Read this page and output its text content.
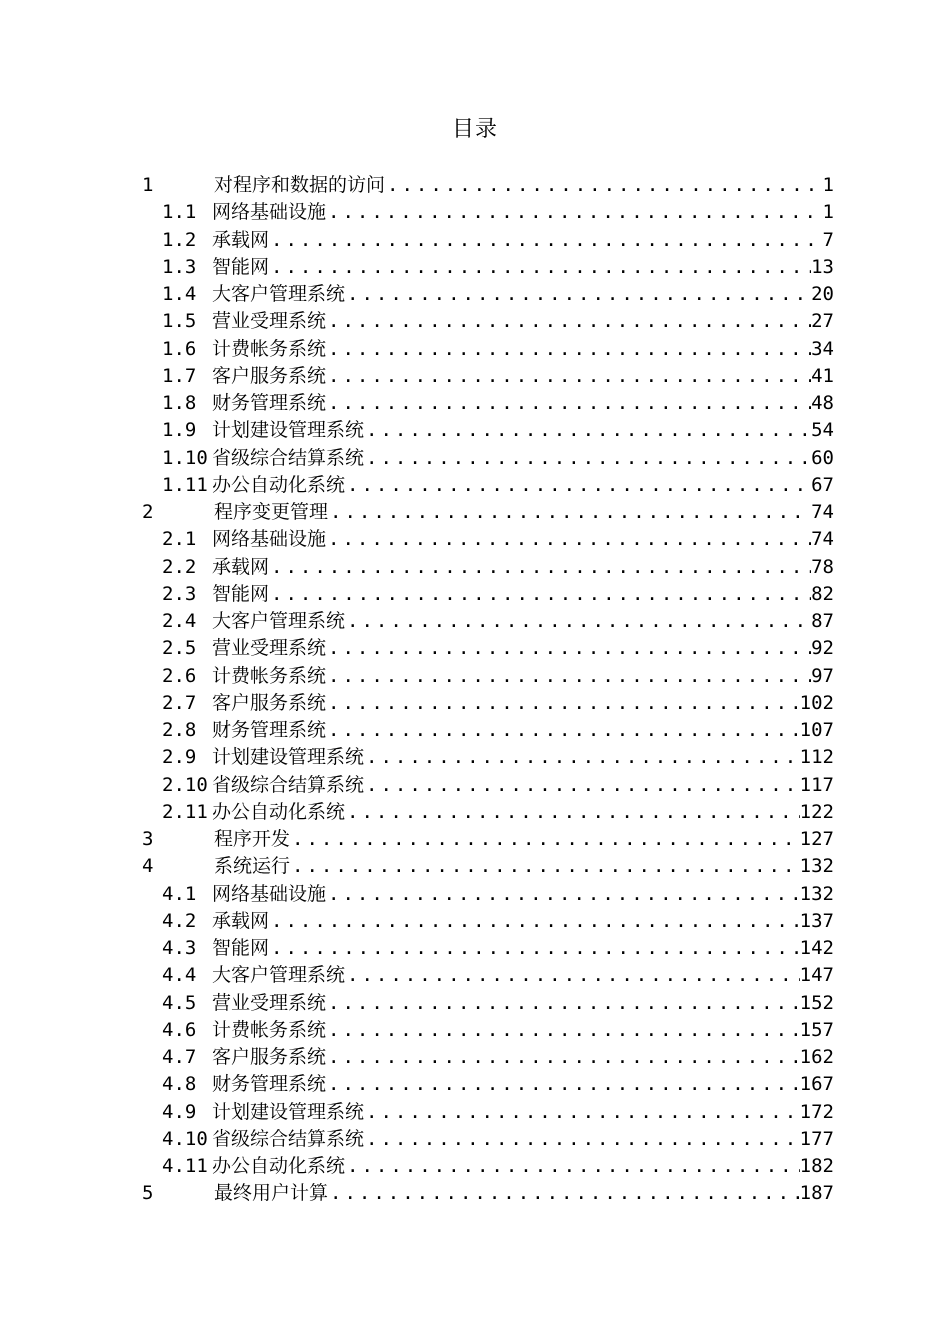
目录
1	对程序和数据的访问 .....	1
1.1 网络基础设施 .....	1
1.2 承载网 .....	7
1.3 智能网 .....	13
1.4 大客户管理系统 .....	20
1.5 营业受理系统 .....	27
1.6 计费帐务系统 .....	34
1.7 客户服务系统 .....	41
1.8 财务管理系统 .....	48
1.9 计划建设管理系统 .....	54
1.10 省级综合结算系统 .....	60
1.11 办公自动化系统 .....	67
2	程序变更管理 .....	74
2.1 网络基础设施 .....	74
2.2 承载网 .....	78
2.3 智能网 .....	82
2.4 大客户管理系统 .....	87
2.5 营业受理系统 .....	92
2.6 计费帐务系统 .....	97
2.7 客户服务系统 .....	102
2.8 财务管理系统 .....	107
2.9 计划建设管理系统 .....	112
2.10 省级综合结算系统 .....	117
2.11 办公自动化系统 .....	122
3	程序开发 .....	127
4	系统运行 .....	132
4.1 网络基础设施 .....	132
4.2 承载网 .....	137
4.3 智能网 .....	142
4.4 大客户管理系统 .....	147
4.5 营业受理系统 .....	152
4.6 计费帐务系统 .....	157
4.7 客户服务系统 .....	162
4.8 财务管理系统 .....	167
4.9 计划建设管理系统 .....	172
4.10 省级综合结算系统 .....	177
4.11 办公自动化系统 .....	182
5	最终用户计算 .....	187
